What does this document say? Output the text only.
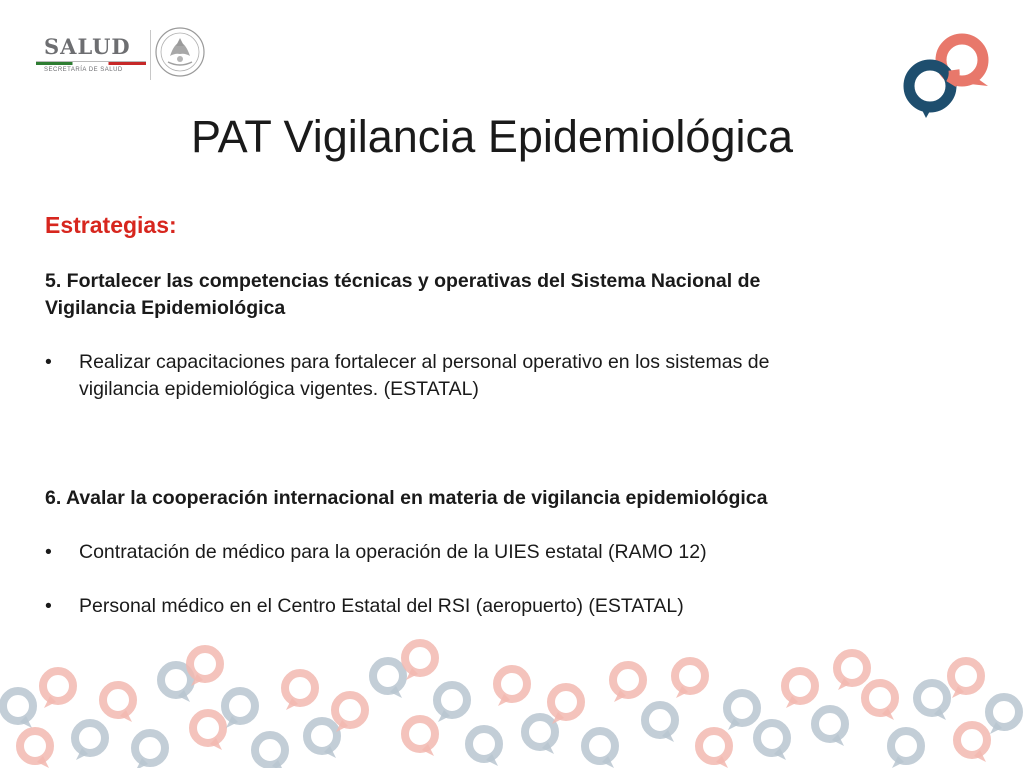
SALUD
SECRETARÍA DE SALUD
PAT Vigilancia Epidemiológica
Estrategias:
5. Fortalecer las competencias técnicas y operativas del Sistema Nacional de
Vigilancia Epidemiológica
•	Realizar capacitaciones para fortalecer al personal operativo en los sistemas de
vigilancia epidemiológica vigentes. (ESTATAL)
6. Avalar la cooperación internacional en materia de vigilancia epidemiológica
•	Contratación de médico para la operación de la UIES estatal (RAMO 12)
•	Personal médico en el Centro Estatal del RSI (aeropuerto) (ESTATAL)
